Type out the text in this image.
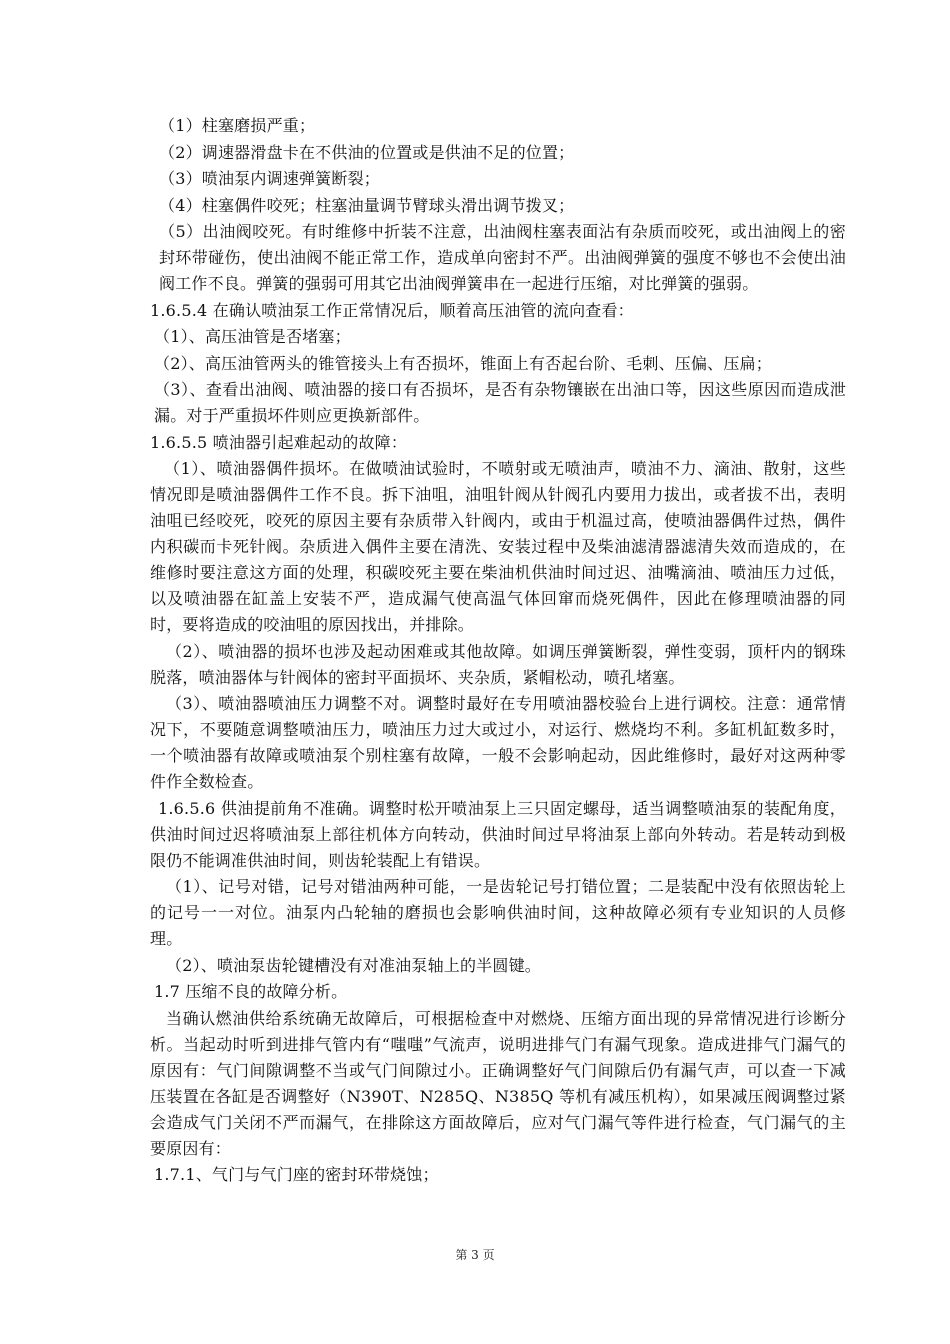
（1）柱塞磨损严重；

（2）调速器滑盘卡在不供油的位置或是供油不足的位置；

（3）喷油泵内调速弹簧断裂；

（4）柱塞偶件咬死；柱塞油量调节臂球头滑出调节拨叉；

（5）出油阀咬死。有时维修中折装不注意，出油阀柱塞表面沾有杂质而咬死，或出油阀上的密封环带碰伤，使出油阀不能正常工作，造成单向密封不严。出油阀弹簧的强度不够也不会使出油阀工作不良。弹簧的强弱可用其它出油阀弹簧串在一起进行压缩，对比弹簧的强弱。

1.6.5.4 在确认喷油泵工作正常情况后，顺着高压油管的流向查看：

（1）、高压油管是否堵塞；

（2）、高压油管两头的锥管接头上有否损坏，锥面上有否起台阶、毛刺、压偏、压扁；

（3）、查看出油阀、喷油器的接口有否损坏，是否有杂物镶嵌在出油口等，因这些原因而造成泄漏。对于严重损坏件则应更换新部件。

1.6.5.5 喷油器引起难起动的故障：

（1）、喷油器偶件损坏。在做喷油试验时，不喷射或无喷油声，喷油不力、滴油、散射，这些情况即是喷油器偶件工作不良。拆下油咀，油咀针阀从针阀孔内要用力拔出，或者拔不出，表明油咀已经咬死，咬死的原因主要有杂质带入针阀内，或由于机温过高，使喷油器偶件过热，偶件内积碳而卡死针阀。杂质进入偶件主要在清洗、安装过程中及柴油滤清器滤清失效而造成的，在维修时要注意这方面的处理，积碳咬死主要在柴油机供油时间过迟、油嘴滴油、喷油压力过低，以及喷油器在缸盖上安装不严，造成漏气使高温气体回窜而烧死偶件，因此在修理喷油器的同时，要将造成的咬油咀的原因找出，并排除。

（2）、喷油器的损坏也涉及起动困难或其他故障。如调压弹簧断裂，弹性变弱，顶杆内的钢珠脱落，喷油器体与针阀体的密封平面损坏、夹杂质，紧帽松动，喷孔堵塞。

（3）、喷油器喷油压力调整不对。调整时最好在专用喷油器校验台上进行调校。注意：通常情况下，不要随意调整喷油压力，喷油压力过大或过小，对运行、燃烧均不利。多缸机缸数多时，一个喷油器有故障或喷油泵个别柱塞有故障，一般不会影响起动，因此维修时，最好对这两种零件作全数检查。

1.6.5.6 供油提前角不准确。调整时松开喷油泵上三只固定螺母，适当调整喷油泵的装配角度，供油时间过迟将喷油泵上部往机体方向转动，供油时间过早将油泵上部向外转动。若是转动到极限仍不能调准供油时间，则齿轮装配上有错误。

（1）、记号对错，记号对错油两种可能，一是齿轮记号打错位置；二是装配中没有依照齿轮上的记号一一对位。油泵内凸轮轴的磨损也会影响供油时间，这种故障必须有专业知识的人员修理。

（2）、喷油泵齿轮键槽没有对准油泵轴上的半圆键。

1.7 压缩不良的故障分析。

当确认燃油供给系统确无故障后，可根据检查中对燃烧、压缩方面出现的异常情况进行诊断分析。当起动时听到进排气管内有“嗤嗤”气流声，说明进排气门有漏气现象。造成进排气门漏气的原因有：气门间隙调整不当或气门间隙过小。正确调整好气门间隙后仍有漏气声，可以查一下减压装置在各缸是否调整好（N390T、N285Q、N385Q 等机有减压机构），如果减压阀调整过紧会造成气门关闭不严而漏气，在排除这方面故障后，应对气门漏气等件进行检查，气门漏气的主要原因有：

1.7.1、气门与气门座的密封环带烧蚀；

第 3 页
